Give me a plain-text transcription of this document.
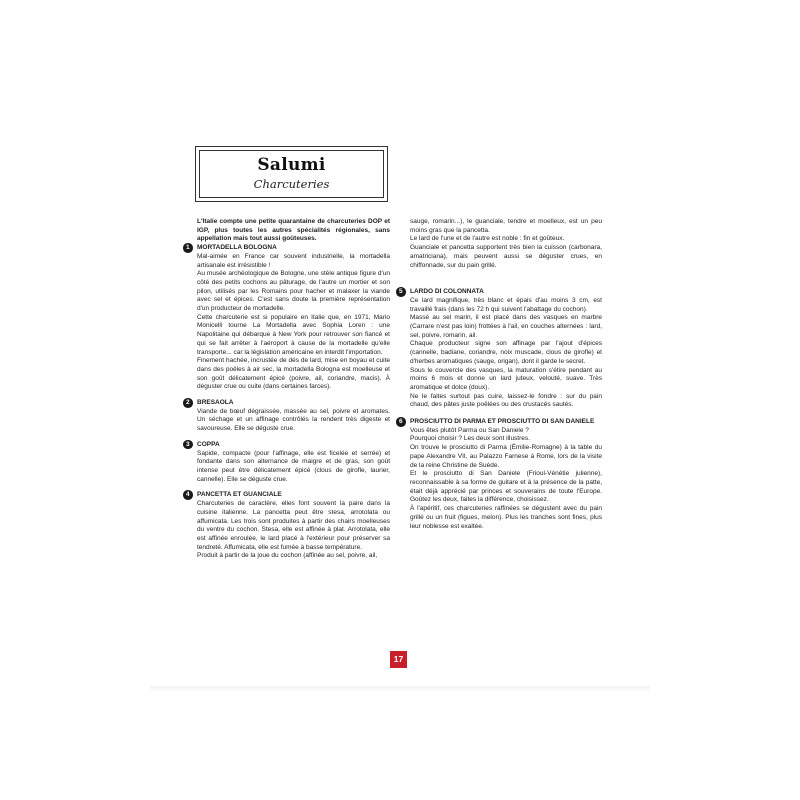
Salumi
Charcuteries

L'Italie compte une petite quarantaine de charcuteries DOP et IGP, plus toutes les autres spécialités régionales, sans appellation mais tout aussi goûteuses.

1	MORTADELLA BOLOGNA

Mal-aimée en France car souvent industrielle, la mortadella artisanale est irrésistible !

Au musée archéologique de Bologne, une stèle antique figure d'un côté des petits cochons au pâturage, de l'autre un mortier et son pilon, utilisés par les Romains pour hacher et malaxer la viande avec sel et épices. C'est sans doute la première représentation d'un producteur de mortadelle.

Cette charcuterie est si populaire en Italie que, en 1971, Mario Monicelli tourne La Mortadella avec Sophia Loren : une Napolitaine qui débarque à New York pour retrouver son fiancé et qui se fait arrêter à l'aéroport à cause de la mortadelle qu'elle transporte... car la législation américaine en interdit l'importation.

Finement hachée, incrustée de dés de lard, mise en boyau et cuite dans des poêles à air sec, la mortadella Bologna est moelleuse et son goût délicatement épicé (poivre, ail, coriandre, macis). À déguster crue ou cuite (dans certaines farces).

2	BRESAOLA

Viande de bœuf dégraissée, massée au sel, poivre et aromates. Un séchage et un affinage contrôlés la rendent très digeste et savoureuse. Elle se déguste crue.

3	COPPA

Sapide, compacte (pour l'affinage, elle est ficelée et serrée) et fondante dans son alternance de maigre et de gras, son goût intense peut être délicatement épicé (clous de girofle, laurier, cannelle). Elle se déguste crue.

4	PANCETTA ET GUANCIALE

Charcuteries de caractère, elles font souvent la paire dans la cuisine italienne. La pancetta peut être stesa, arrotolata ou affumicata. Les trois sont produites à partir des chairs moelleuses du ventre du cochon. Stesa, elle est affinée à plat. Arrotolata, elle est affinée enroulée, le lard placé à l'extérieur pour préserver sa tendreté. Affumicata, elle est fumée à basse température.

Produit à partir de la joue du cochon (affinée au sel, poivre, ail,

sauge, romarin...), le guanciale, tendre et moelleux, est un peu moins gras que la pancetta.

Le lard de l'une et de l'autre est noble : fin et goûteux.

Guanciale et pancetta supportent très bien la cuisson (carbonara, amatriciana), mais peuvent aussi se déguster crues, en chiffonnade, sur du pain grillé.

5	LARDO DI COLONNATA

Ce lard magnifique, très blanc et épais d'au moins 3 cm, est travaillé frais (dans les 72 h qui suivent l'abattage du cochon).

Massé au sel marin, il est placé dans des vasques en marbre (Carrare n'est pas loin) frottées à l'ail, en couches alternées : lard, sel, poivre, romarin, ail.

Chaque producteur signe son affinage par l'ajout d'épices (cannelle, badiane, coriandre, noix muscade, clous de girofle) et d'herbes aromatiques (sauge, origan), dont il garde le secret.

Sous le couvercle des vasques, la maturation s'étire pendant au moins 6 mois et donne un lard juteux, velouté, suave. Très aromatique et dolce (doux).

Ne le faites surtout pas cuire, laissez-le fondre : sur du pain chaud, des pâtes juste poêlées ou des crustacés sautés.

6	PROSCIUTTO DI PARMA ET PROSCIUTTO DI SAN DANIELE

Vous êtes plutôt Parma ou San Daniele ?

Pourquoi choisir ? Les deux sont illustres.

On trouve le prosciutto di Parma (Émilie-Romagne) à la table du pape Alexandre VII, au Palazzo Farnese à Rome, lors de la visite de la reine Christine de Suède.

Et le prosciutto di San Daniele (Frioul-Vénétie julienne), reconnaissable à sa forme de guitare et à la présence de la patte, était déjà apprécié par princes et souverains de toute l'Europe. Goûtez les deux, faites la différence, choisissez.

À l'apéritif, ces charcuteries raffinées se dégustent avec du pain grillé ou un fruit (figues, melon). Plus les tranches sont fines, plus leur noblesse est exaltée.

17
